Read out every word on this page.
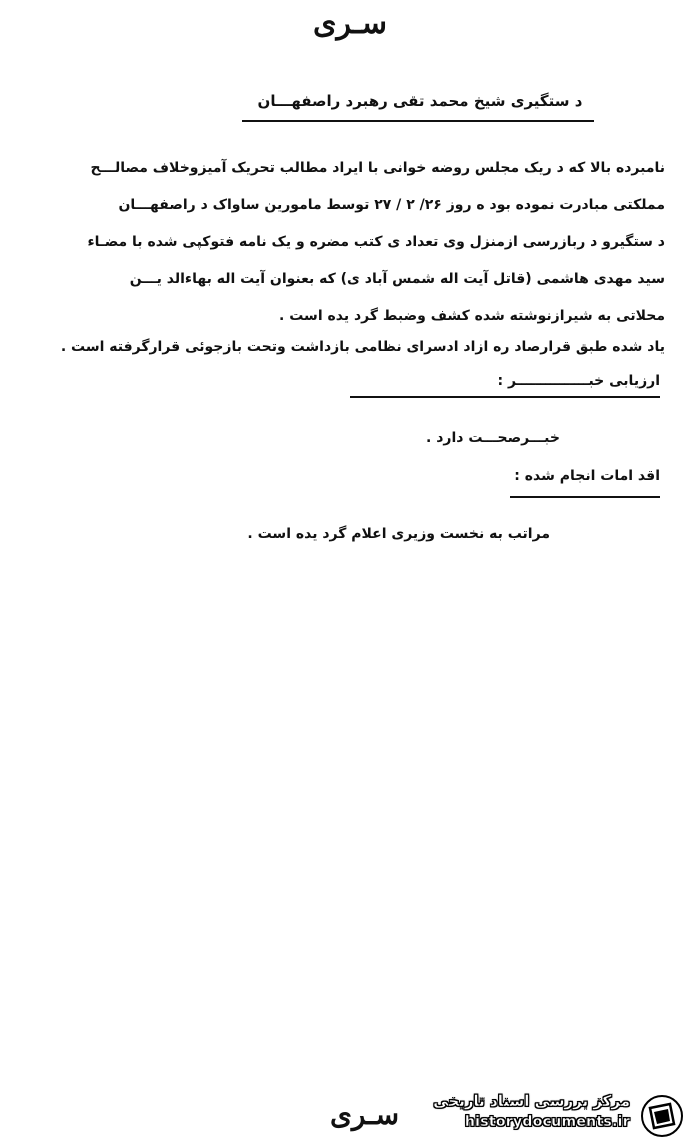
سـری
د ستگیری شیخ محمد تقی رهبرد راصفهـــان

نامبرده بالا که د ریک مجلس روضه خوانی با ایراد مطالب تحریک آمیزوخلاف مصالـــح

مملکتی مبادرت نموده بود ه روز ۲۶/ ۲ / ۲۷ توسط مامورین ساواک د راصفهـــان

د ستگیرو د ربازرسی ازمنزل وی تعداد ی کتب مضره و یک نامه فتوکپی شده با مضـاء

سید مهدی هاشمی (قاتل آیت اله شمس آباد ی) که بعنوان آیت اله بهاءالد یـــن

محلاتی به شیرازنوشته شده کشف وضبط گرد یده است .

یاد شده طبق قرارصاد ره ازاد ادسرای نظامی بازداشت وتحت بازجوئی قرارگرفته است .
ارزیابی خبـــــــــــــــر :
خبـــرصحـــت دارد .
اقد امات انجام شده :
مراتب به نخست وزیری اعلام گرد یده است .
سـری	مرکز بررسی اسناد تاریخی
historydocuments.ir
